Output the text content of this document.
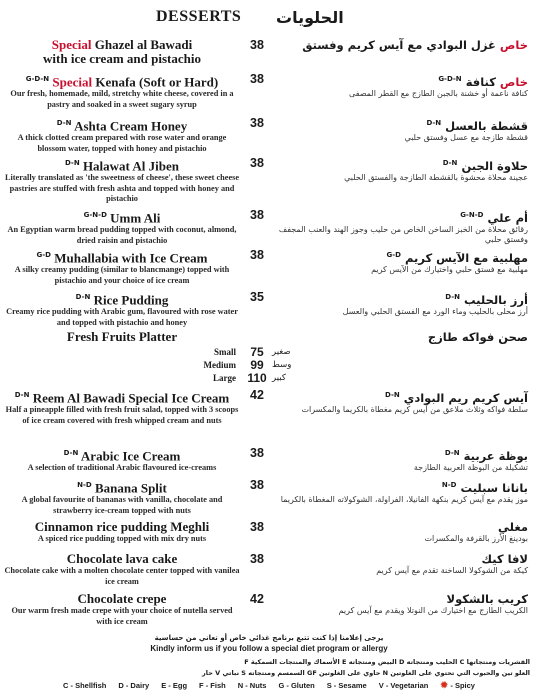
DESSERTS الحلويات
Special Ghazel al Bawadi
with ice cream and pistachio
38	خاص غزل البوادي مع آيس كريم وفستق
$^{G-D-N}$ Special Kenafa (Soft or Hard)
Our fresh, homemade, mild, stretchy white cheese, covered in a pastry and soaked in a sweet sugary syrup
38	خاص كنافة $^{G-D-N}$
كنافة ناعمة أو خشنة بالجبن الطازج مع القطر المصفى
$^{D-N}$ Ashta Cream Honey
A thick clotted cream prepared with rose water and orange blossom water, topped with honey and pistachio
38	قشطة بالعسل $^{D-N}$
قشطة طازجة مع عسل وفستق حلبي
$^{D-N}$ Halawat Al Jiben
Literally translated as 'the sweetness of cheese', these sweet cheese pastries are stuffed with fresh ashta and topped with honey and pistachio
38	حلاوة الجبن $^{D-N}$
عجينة محلاة محشوة بالقشطة الطازجة والفستق الحلبي
$^{G-N-D}$ Umm Ali
An Egyptian warm bread pudding topped with coconut, almond, dried raisin and pistachio
38	أم علي $^{G-N-D}$
رقائق محلاة من الخبز الساخن الخاص من حليب وجوز الهند والعنب المجفف وفستق حلبي
$^{G-D}$ Muhallabia with Ice Cream
A silky creamy pudding (similar to blancmange) topped with pistachio and your choice of ice cream
38	مهلبية مع الآيس كريم $^{G-D}$
مهلبية مع فستق حلبي واختيارك من الآيس كريم
$^{D-N}$ Rice Pudding
Creamy rice pudding with Arabic gum, flavoured with rose water and topped with pistachio and honey
35	أرز بالحليب $^{D-N}$
أرز محلى بالحليب وماء الورد مع الفستق الحلبي والعسل
$^{D-N}$ Reem Al Bawadi Special Ice Cream
Half a pineapple filled with fresh fruit salad, topped with 3 scoops of ice cream covered with fresh whipped cream and nuts
42	آيس كريم ريم البوادي $^{D-N}$
سلطة فواكه وثلاث ملاعق من آيس كريم مغطاة بالكريما والمكسرات
$^{D-N}$ Arabic Ice Cream
A selection of traditional Arabic flavoured ice-creams
38	بوظة عربية $^{D-N}$
تشكيلة من البوظة العربية الطازجة
$^{N-D}$ Banana Split
A global favourite of bananas with vanilla, chocolate and strawberry ice-cream topped with nuts
38	بانانا سبليت $^{N-D}$
موز يقدم مع آيس كريم بنكهة الفانيلا، الفراولة، الشوكولاته المغطاة بالكريما
Cinnamon rice pudding Meghli
A spiced rice pudding topped with mix dry nuts
38	مغلي
بودينغ الأرز بالقرفة والمكسرات
Chocolate lava cake
Chocolate cake with a molten chocolate center topped with vanilea ice cream
38	لافا كيك
كيكة من الشوكولا الساخنة تقدم مع آيس كريم
Chocolate crepe
Our warm fresh made crepe with your choice of nutella served with ice cream
42	كريب بالشكولا
الكريب الطازج مع اختيارك من النوتلا ويقدم مع آيس كريم
Fresh Fruits Platter	صحن فواكه طازج
Small	75 صغير
Medium	99 وسط
Large 110 كبير
يرجى إعلامنا إذا كنت تتبع برنامج غذائي خاص أو تعاني من حساسية
Kindly inform us if you follow a special diet program or allergy
القشريات ومنتجاتها C الحليب ومنتجاته D البيض ومنتجاته E الأسماك والمنتجات السمكية F
العلو تين والحبوب التي تحتوي على الغلوتين N حاوي على الغلوتين GF السمسم ومنتجاته S نباتي V حار
C - Shellfish D - Dairy E - Egg F - Fish N - Nuts G - Gluten S - Sesame V - Vegetarian ✹ - Spicy
